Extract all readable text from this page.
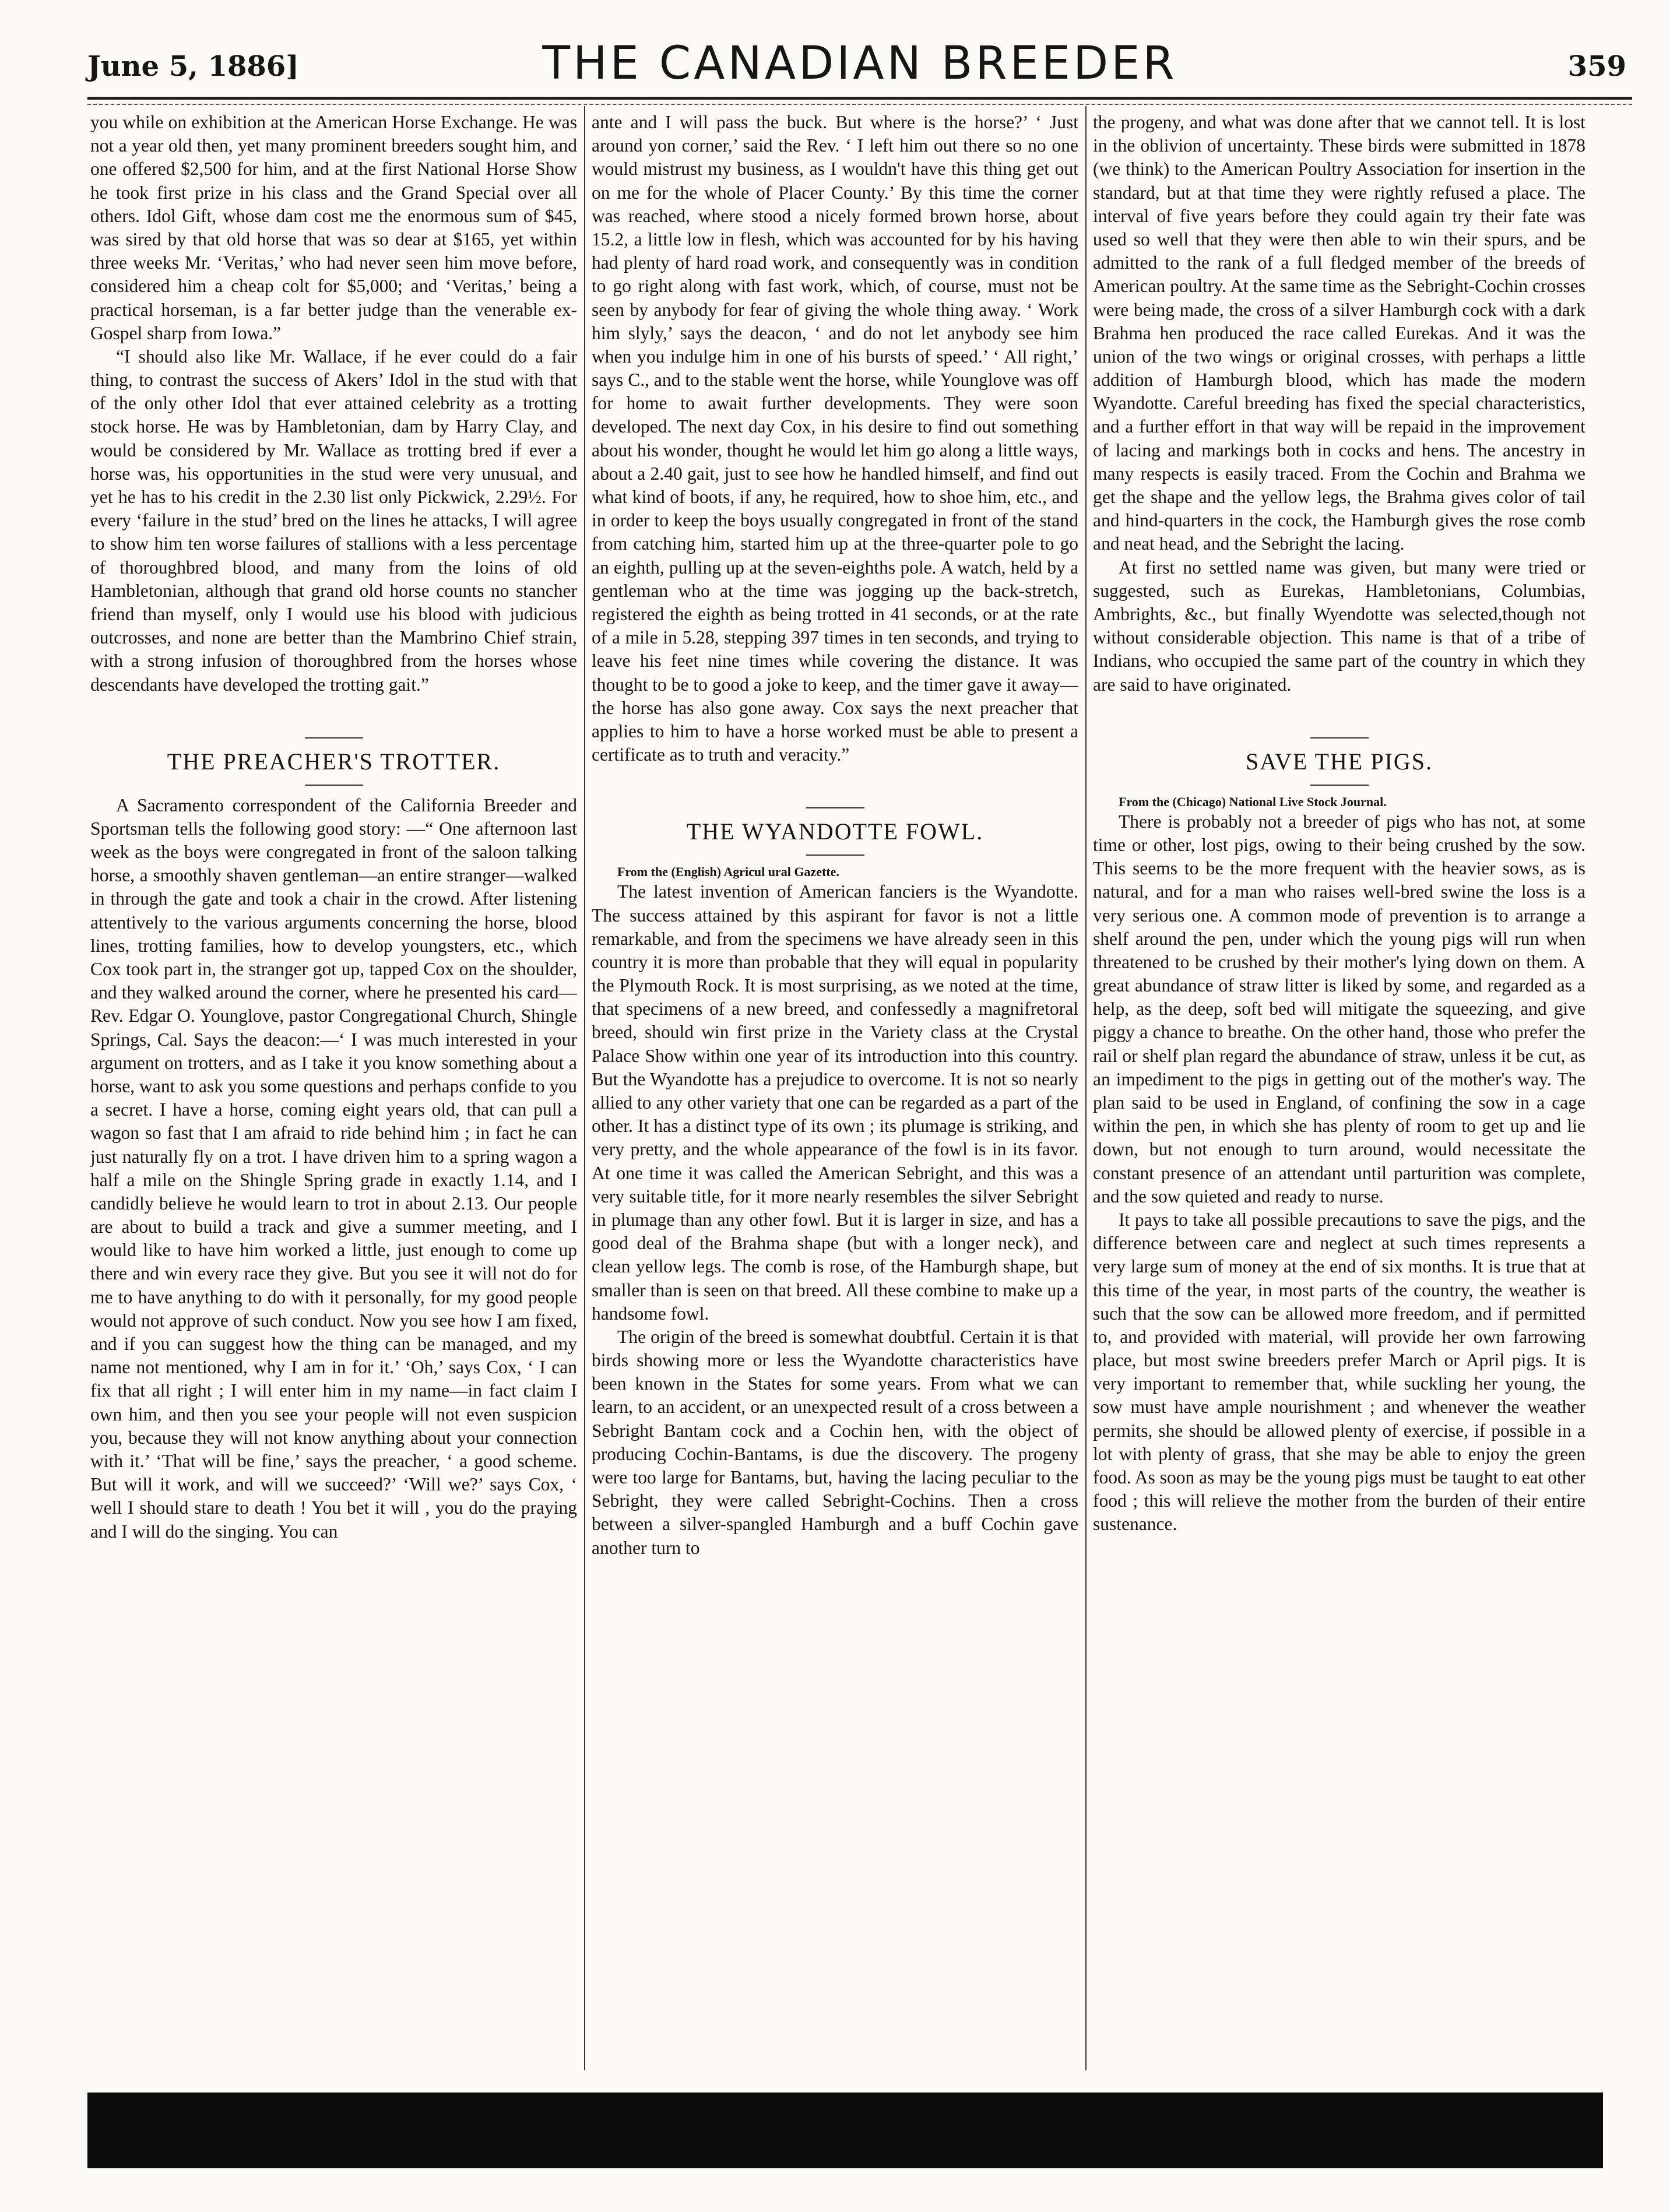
June 5, 1886]	THE CANADIAN BREEDER	359

you while on exhibition at the American Horse Exchange. He was not a year old then, yet many prominent breeders sought him, and one offered $2,500 for him, and at the first National Horse Show he took first prize in his class and the Grand Special over all others. Idol Gift, whose dam cost me the enormous sum of $45, was sired by that old horse that was so dear at $165, yet within three weeks Mr. ‘Veritas,’ who had never seen him move before, considered him a cheap colt for $5,000; and ‘Veritas,’ being a practical horseman, is a far better judge than the venerable ex-Gospel sharp from Iowa.”

“I should also like Mr. Wallace, if he ever could do a fair thing, to contrast the success of Akers’ Idol in the stud with that of the only other Idol that ever attained celebrity as a trotting stock horse. He was by Hambletonian, dam by Harry Clay, and would be considered by Mr. Wallace as trotting bred if ever a horse was, his opportunities in the stud were very unusual, and yet he has to his credit in the 2.30 list only Pickwick, 2.29½. For every ‘failure in the stud’ bred on the lines he attacks, I will agree to show him ten worse failures of stallions with a less percentage of thoroughbred blood, and many from the loins of old Hambletonian, although that grand old horse counts no stancher friend than myself, only I would use his blood with judicious outcrosses, and none are better than the Mambrino Chief strain, with a strong infusion of thoroughbred from the horses whose descendants have developed the trotting gait.”

THE PREACHER'S TROTTER.

A Sacramento correspondent of the California Breeder and Sportsman tells the following good story: —“ One afternoon last week as the boys were congregated in front of the saloon talking horse, a smoothly shaven gentleman—an entire stranger—walked in through the gate and took a chair in the crowd. After listening attentively to the various arguments concerning the horse, blood lines, trotting families, how to develop youngsters, etc., which Cox took part in, the stranger got up, tapped Cox on the shoulder, and they walked around the corner, where he presented his card—Rev. Edgar O. Younglove, pastor Congregational Church, Shingle Springs, Cal. Says the deacon:—‘ I was much interested in your argument on trotters, and as I take it you know something about a horse, want to ask you some questions and perhaps confide to you a secret. I have a horse, coming eight years old, that can pull a wagon so fast that I am afraid to ride behind him ; in fact he can just naturally fly on a trot. I have driven him to a spring wagon a half a mile on the Shingle Spring grade in exactly 1.14, and I candidly believe he would learn to trot in about 2.13. Our people are about to build a track and give a summer meeting, and I would like to have him worked a little, just enough to come up there and win every race they give. But you see it will not do for me to have anything to do with it personally, for my good people would not approve of such conduct. Now you see how I am fixed, and if you can suggest how the thing can be managed, and my name not mentioned, why I am in for it.’ ‘Oh,’ says Cox, ‘ I can fix that all right ; I will enter him in my name—in fact claim I own him, and then you see your people will not even suspicion you, because they will not know anything about your connection with it.’ ‘That will be fine,’ says the preacher, ‘ a good scheme. But will it work, and will we succeed?’ ‘Will we?’ says Cox, ‘ well I should stare to death ! You bet it will , you do the praying and I will do the singing. You can

ante and I will pass the buck. But where is the horse?’ ‘ Just around yon corner,’ said the Rev. ‘ I left him out there so no one would mistrust my business, as I wouldn't have this thing get out on me for the whole of Placer County.’ By this time the corner was reached, where stood a nicely formed brown horse, about 15.2, a little low in flesh, which was accounted for by his having had plenty of hard road work, and consequently was in condition to go right along with fast work, which, of course, must not be seen by anybody for fear of giving the whole thing away. ‘ Work him slyly,’ says the deacon, ‘ and do not let anybody see him when you indulge him in one of his bursts of speed.’ ‘ All right,’ says C., and to the stable went the horse, while Younglove was off for home to await further developments. They were soon developed. The next day Cox, in his desire to find out something about his wonder, thought he would let him go along a little ways, about a 2.40 gait, just to see how he handled himself, and find out what kind of boots, if any, he required, how to shoe him, etc., and in order to keep the boys usually congregated in front of the stand from catching him, started him up at the three-quarter pole to go an eighth, pulling up at the seven-eighths pole. A watch, held by a gentleman who at the time was jogging up the back-stretch, registered the eighth as being trotted in 41 seconds, or at the rate of a mile in 5.28, stepping 397 times in ten seconds, and trying to leave his feet nine times while covering the distance. It was thought to be to good a joke to keep, and the timer gave it away—the horse has also gone away. Cox says the next preacher that applies to him to have a horse worked must be able to present a certificate as to truth and veracity.”

THE WYANDOTTE FOWL.

From the (English) Agricul ural Gazette.

The latest invention of American fanciers is the Wyandotte. The success attained by this aspirant for favor is not a little remarkable, and from the specimens we have already seen in this country it is more than probable that they will equal in popularity the Plymouth Rock. It is most surprising, as we noted at the time, that specimens of a new breed, and confessedly a magnifretoral breed, should win first prize in the Variety class at the Crystal Palace Show within one year of its introduction into this country. But the Wyandotte has a prejudice to overcome. It is not so nearly allied to any other variety that one can be regarded as a part of the other. It has a distinct type of its own ; its plumage is striking, and very pretty, and the whole appearance of the fowl is in its favor. At one time it was called the American Sebright, and this was a very suitable title, for it more nearly resembles the silver Sebright in plumage than any other fowl. But it is larger in size, and has a good deal of the Brahma shape (but with a longer neck), and clean yellow legs. The comb is rose, of the Hamburgh shape, but smaller than is seen on that breed. All these combine to make up a handsome fowl.

The origin of the breed is somewhat doubtful. Certain it is that birds showing more or less the Wyandotte characteristics have been known in the States for some years. From what we can learn, to an accident, or an unexpected result of a cross between a Sebright Bantam cock and a Cochin hen, with the object of producing Cochin-Bantams, is due the discovery. The progeny were too large for Bantams, but, having the lacing peculiar to the Sebright, they were called Sebright-Cochins. Then a cross between a silver-spangled Hamburgh and a buff Cochin gave another turn to

the progeny, and what was done after that we cannot tell. It is lost in the oblivion of uncertainty. These birds were submitted in 1878 (we think) to the American Poultry Association for insertion in the standard, but at that time they were rightly refused a place. The interval of five years before they could again try their fate was used so well that they were then able to win their spurs, and be admitted to the rank of a full fledged member of the breeds of American poultry. At the same time as the Sebright-Cochin crosses were being made, the cross of a silver Hamburgh cock with a dark Brahma hen produced the race called Eurekas. And it was the union of the two wings or original crosses, with perhaps a little addition of Hamburgh blood, which has made the modern Wyandotte. Careful breeding has fixed the special characteristics, and a further effort in that way will be repaid in the improvement of lacing and markings both in cocks and hens. The ancestry in many respects is easily traced. From the Cochin and Brahma we get the shape and the yellow legs, the Brahma gives color of tail and hind-quarters in the cock, the Hamburgh gives the rose comb and neat head, and the Sebright the lacing.

At first no settled name was given, but many were tried or suggested, such as Eurekas, Hambletonians, Columbias, Ambrights, &c., but finally Wyendotte was selected,though not without considerable objection. This name is that of a tribe of Indians, who occupied the same part of the country in which they are said to have originated.

SAVE THE PIGS.

From the (Chicago) National Live Stock Journal.

There is probably not a breeder of pigs who has not, at some time or other, lost pigs, owing to their being crushed by the sow. This seems to be the more frequent with the heavier sows, as is natural, and for a man who raises well-bred swine the loss is a very serious one. A common mode of prevention is to arrange a shelf around the pen, under which the young pigs will run when threatened to be crushed by their mother's lying down on them. A great abundance of straw litter is liked by some, and regarded as a help, as the deep, soft bed will mitigate the squeezing, and give piggy a chance to breathe. On the other hand, those who prefer the rail or shelf plan regard the abundance of straw, unless it be cut, as an impediment to the pigs in getting out of the mother's way. The plan said to be used in England, of confining the sow in a cage within the pen, in which she has plenty of room to get up and lie down, but not enough to turn around, would necessitate the constant presence of an attendant until parturition was complete, and the sow quieted and ready to nurse.

It pays to take all possible precautions to save the pigs, and the difference between care and neglect at such times represents a very large sum of money at the end of six months. It is true that at this time of the year, in most parts of the country, the weather is such that the sow can be allowed more freedom, and if permitted to, and provided with material, will provide her own farrowing place, but most swine breeders prefer March or April pigs. It is very important to remember that, while suckling her young, the sow must have ample nourishment ; and whenever the weather permits, she should be allowed plenty of exercise, if possible in a lot with plenty of grass, that she may be able to enjoy the green food. As soon as may be the young pigs must be taught to eat other food ; this will relieve the mother from the burden of their entire sustenance.
